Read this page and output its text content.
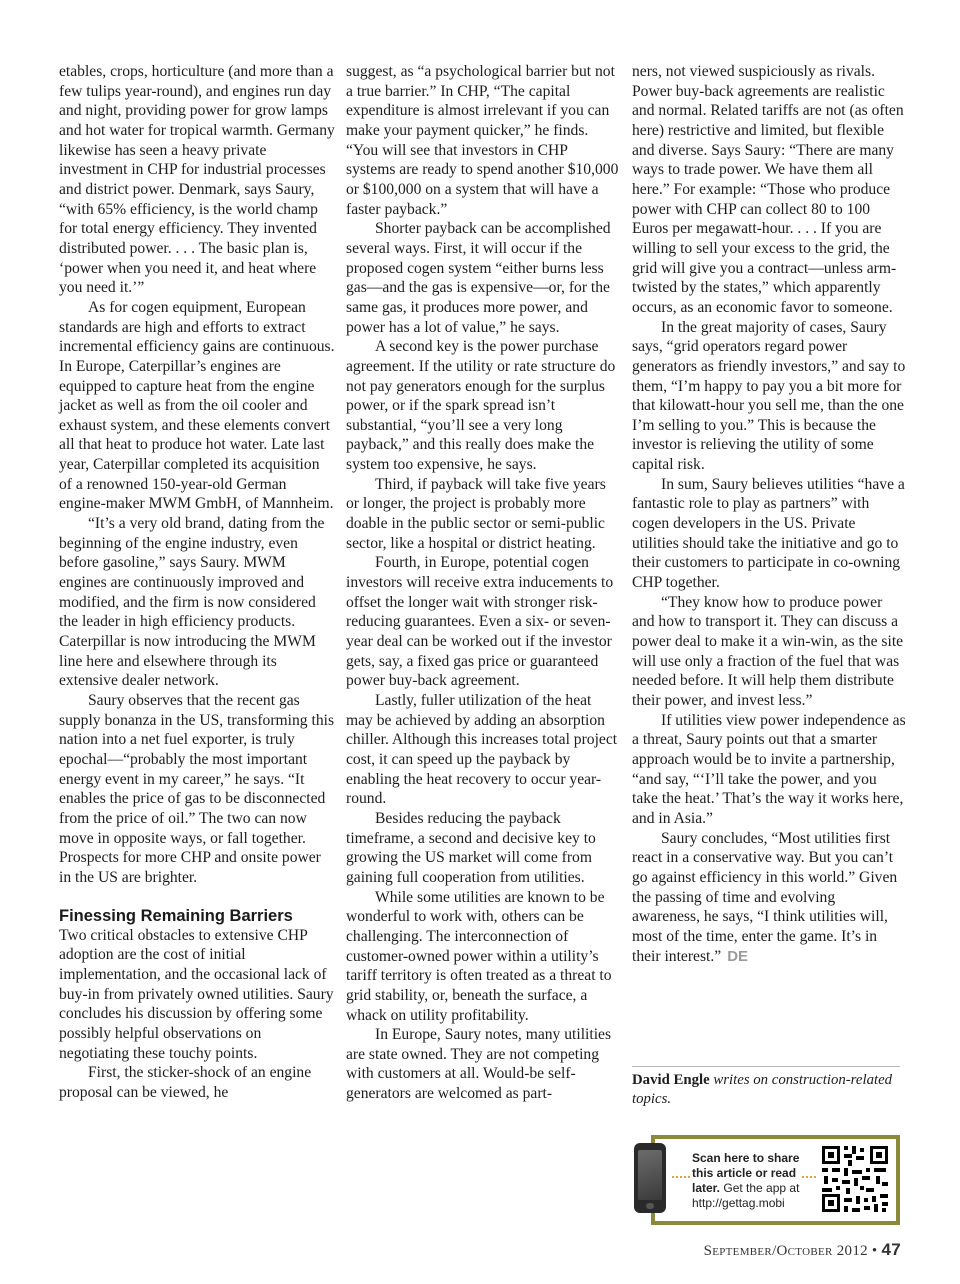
etables, crops, horticulture (and more than a few tulips year-round), and engines run day and night, providing power for grow lamps and hot water for tropical warmth. Germany likewise has seen a heavy private investment in CHP for industrial processes and district power. Denmark, says Saury, “with 65% efficiency, is the world champ for total energy efficiency. They invented distributed power. . . . The basic plan is, ‘power when you need it, and heat where you need it.’”

As for cogen equipment, European standards are high and efforts to extract incremental efficiency gains are continuous. In Europe, Caterpillar’s engines are equipped to capture heat from the engine jacket as well as from the oil cooler and exhaust system, and these elements convert all that heat to produce hot water. Late last year, Caterpillar completed its acquisition of a renowned 150-year-old German engine-maker MWM GmbH, of Mannheim.

“It’s a very old brand, dating from the beginning of the engine industry, even before gasoline,” says Saury. MWM engines are continuously improved and modified, and the firm is now considered the leader in high efficiency products. Caterpillar is now introducing the MWM line here and elsewhere through its extensive dealer network.

Saury observes that the recent gas supply bonanza in the US, transforming this nation into a net fuel exporter, is truly epochal—“probably the most important energy event in my career,” he says. “It enables the price of gas to be disconnected from the price of oil.” The two can now move in opposite ways, or fall together. Prospects for more CHP and onsite power in the US are brighter.

Finessing Remaining Barriers

Two critical obstacles to extensive CHP adoption are the cost of initial implementation, and the occasional lack of buy-in from privately owned utilities. Saury concludes his discussion by offering some possibly helpful observations on negotiating these touchy points.

First, the sticker-shock of an engine proposal can be viewed, he

suggest, as “a psychological barrier but not a true barrier.” In CHP, “The capital expenditure is almost irrelevant if you can make your payment quicker,” he finds. “You will see that investors in CHP systems are ready to spend another $10,000 or $100,000 on a system that will have a faster payback.”

Shorter payback can be accomplished several ways. First, it will occur if the proposed cogen system “either burns less gas—and the gas is expensive—or, for the same gas, it produces more power, and power has a lot of value,” he says.

A second key is the power purchase agreement. If the utility or rate structure do not pay generators enough for the surplus power, or if the spark spread isn’t substantial, “you’ll see a very long payback,” and this really does make the system too expensive, he says.

Third, if payback will take five years or longer, the project is probably more doable in the public sector or semi-public sector, like a hospital or district heating.

Fourth, in Europe, potential cogen investors will receive extra inducements to offset the longer wait with stronger risk-reducing guarantees. Even a six- or seven-year deal can be worked out if the investor gets, say, a fixed gas price or guaranteed power buy-back agreement.

Lastly, fuller utilization of the heat may be achieved by adding an absorption chiller. Although this increases total project cost, it can speed up the payback by enabling the heat recovery to occur year-round.

Besides reducing the payback timeframe, a second and decisive key to growing the US market will come from gaining full cooperation from utilities.

While some utilities are known to be wonderful to work with, others can be challenging. The interconnection of customer-owned power within a utility’s tariff territory is often treated as a threat to grid stability, or, beneath the surface, a whack on utility profitability.

In Europe, Saury notes, many utilities are state owned. They are not competing with customers at all. Would-be self-generators are welcomed as part-

ners, not viewed suspiciously as rivals. Power buy-back agreements are realistic and normal. Related tariffs are not (as often here) restrictive and limited, but flexible and diverse. Says Saury: “There are many ways to trade power. We have them all here.” For example: “Those who produce power with CHP can collect 80 to 100 Euros per megawatt-hour. . . . If you are willing to sell your excess to the grid, the grid will give you a contract—unless arm-twisted by the states,” which apparently occurs, as an economic favor to someone.

In the great majority of cases, Saury says, “grid operators regard power generators as friendly investors,” and say to them, “I’m happy to pay you a bit more for that kilowatt-hour you sell me, than the one I’m selling to you.” This is because the investor is relieving the utility of some capital risk.

In sum, Saury believes utilities “have a fantastic role to play as partners” with cogen developers in the US. Private utilities should take the initiative and go to their customers to participate in co-owning CHP together.

“They know how to produce power and how to transport it. They can discuss a power deal to make it a win-win, as the site will use only a fraction of the fuel that was needed before. It will help them distribute their power, and invest less.”

If utilities view power independence as a threat, Saury points out that a smarter approach would be to invite a partnership, “and say, “‘I’ll take the power, and you take the heat.’ That’s the way it works here, and in Asia.”

Saury concludes, “Most utilities first react in a conservative way. But you can’t go against efficiency in this world.” Given the passing of time and evolving awareness, he says, “I think utilities will, most of the time, enter the game. It’s in their interest.” DE

David Engle writes on construction-related topics.
Scan here to share this article or read later. Get the app at http://gettag.mobi
September/October 2012 • 47
